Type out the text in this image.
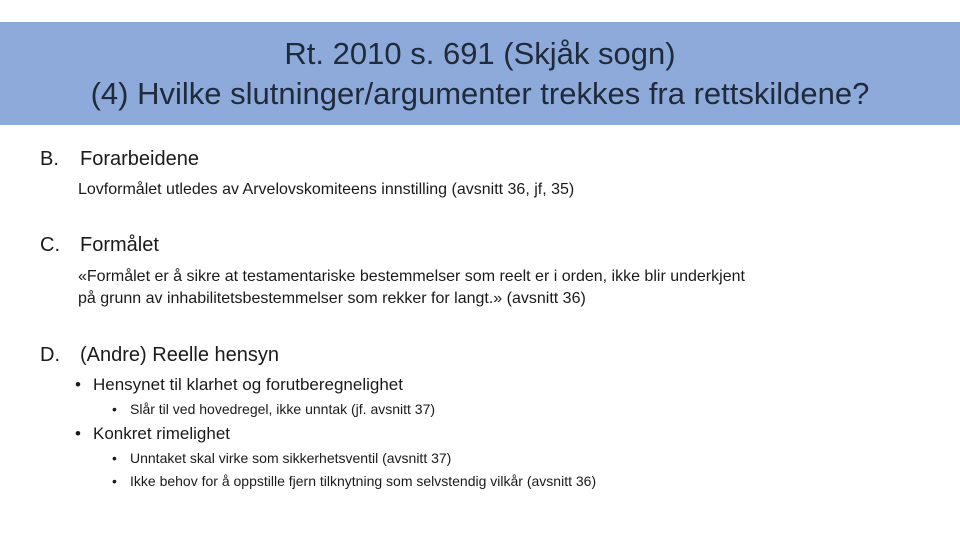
Rt. 2010 s. 691 (Skjåk sogn)
(4) Hvilke slutninger/argumenter trekkes fra rettskildene?
B. Forarbeidene
Lovformålet utledes av Arvelovskomiteens innstilling (avsnitt 36, jf, 35)
C. Formålet
«Formålet er å sikre at testamentariske bestemmelser som reelt er i orden, ikke blir underkjent
på grunn av inhabilitetsbestemmelser som rekker for langt.» (avsnitt 36)
D. (Andre) Reelle hensyn
• Hensynet til klarhet og forutberegnelighet
• Slår til ved hovedregel, ikke unntak (jf. avsnitt 37)
• Konkret rimelighet
• Unntaket skal virke som sikkerhetsventil (avsnitt 37)
• Ikke behov for å oppstille fjern tilknytning som selvstendig vilkår (avsnitt 36)
